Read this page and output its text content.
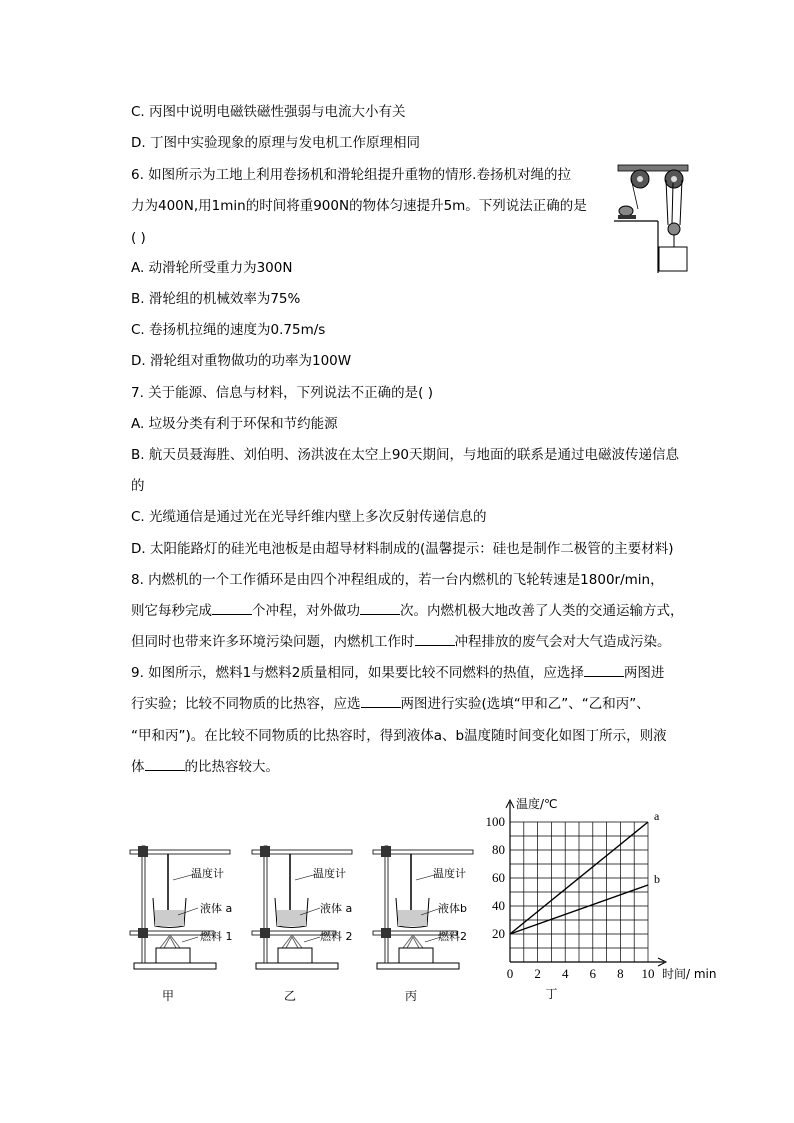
C. 丙图中说明电磁铁磁性强弱与电流大小有关
D. 丁图中实验现象的原理与发电机工作原理相同
6. 如图所示为工地上利用卷扬机和滑轮组提升重物的情形.卷扬机对绳的拉
力为400N,用1min的时间将重900N的物体匀速提升5m。下列说法正确的是
( )
A. 动滑轮所受重力为300N
B. 滑轮组的机械效率为75%
C. 卷扬机拉绳的速度为0.75m/s
D. 滑轮组对重物做功的功率为100W
7. 关于能源、信息与材料，下列说法不正确的是( )
A. 垃圾分类有利于环保和节约能源
B. 航天员聂海胜、刘伯明、汤洪波在太空上90天期间，与地面的联系是通过电磁波传递信息
的
C. 光缆通信是通过光在光导纤维内壁上多次反射传递信息的
D. 太阳能路灯的硅光电池板是由超导材料制成的(温馨提示：硅也是制作二极管的主要材料)
8. 内燃机的一个工作循环是由四个冲程组成的，若一台内燃机的飞轮转速是1800r/min，
则它每秒完成	个冲程，对外做功	次。内燃机极大地改善了人类的交通运输方式，
但同时也带来许多环境污染问题，内燃机工作时	冲程排放的废气会对大气造成污染。
9. 如图所示，燃料1与燃料2质量相同，如果要比较不同燃料的热值，应选择	两图进
行实验；比较不同物质的比热容，应选	两图进行实验(选填“甲和乙”、“乙和丙”、
“甲和丙”)。在比较不同物质的比热容时，得到液体a、b温度随时间变化如图丁所示，则液
体	的比热容较大。
温度计
液体 a
燃料 1
甲
温度计
液体 a
燃料 2
乙
温度计
液体b
燃料2
丙
0 2 4 6 8 10
20
40
60
80
100
温度/℃
时间/ min
丁
a
b
